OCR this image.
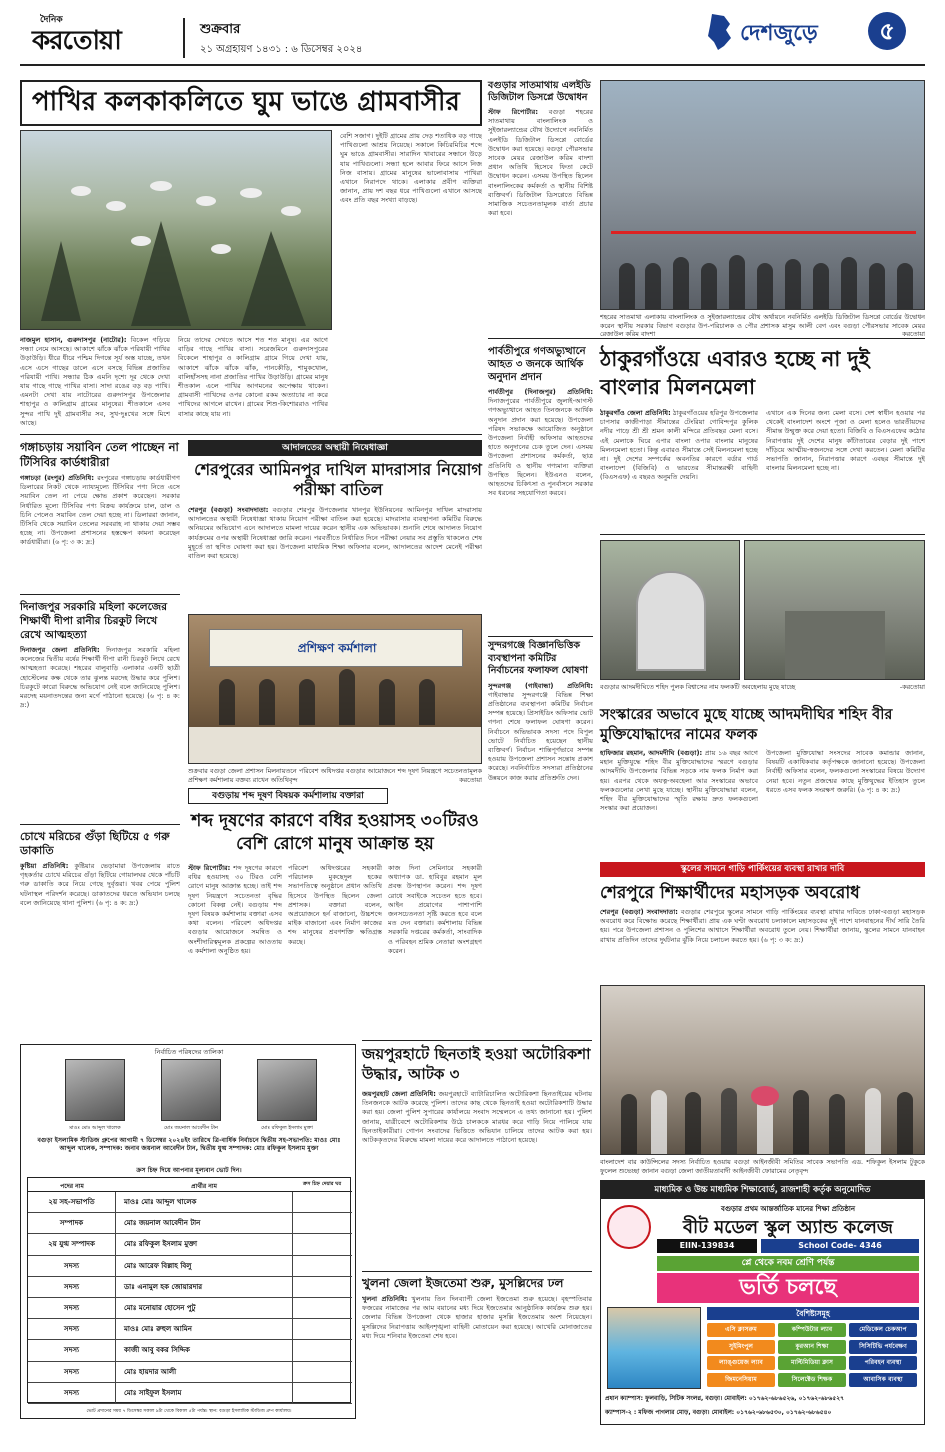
দৈনিক
করতোয়া	শুক্রবার
২১ অগ্রহায়ণ ১৪৩১ : ৬ ডিসেম্বর ২০২৪
দেশজুড়ে	৫
পাখির কলকাকলিতে ঘুম ভাঙে গ্রামবাসীর
বেশি সজাগ। দুইটি গ্রামের প্রায় দেড় শতাধিক বড় গাছে পাখিগুলো আশ্রয় নিয়েছে। সকালে কিচিরমিচির শব্দে ঘুম ভাঙে গ্রামবাসীর। সারাদিন খাবারের সন্ধানে উড়ে যায় পাখিগুলো। সন্ধ্যা হলে আবার ফিরে আসে নিজ নিজ বাসায়। গ্রামের মানুষের ভালোবাসায় পাখিরা এখানে নিরাপদে থাকে। এলাকার প্রবীণ ব্যক্তিরা জানান, প্রায় দশ বছর ধরে পাখিগুলো এখানে আসছে এবং প্রতি বছর সংখ্যা বাড়ছে।
নাজমুল হাসান, গুরুদাসপুর (নাটোর): বিকেল গড়িয়ে সন্ধ্যা নেমে আসছে। আকাশে ঝাঁকে ঝাঁকে পরিযায়ী পাখির উড়াউড়ি। ধীরে ধীরে পশ্চিম দিগন্তে সূর্য অস্ত যাচ্ছে, তখন এসে এসে গাছের ডালে এসে বসছে বিভিন্ন প্রজাতির পরিযায়ী পাখি। সন্ধ্যার ঠিক এমনি দৃশ্যে দূর থেকে দেখা যায় গাছে গাছে পাখির বাসা। সাদা রঙের বড় বড় পাখি। এমনটা দেখা যায় নাটোরের গুরুদাসপুর উপজেলার শাহাপুর ও কালিগ্রাম গ্রামের মানুষের। শীতকালে এসব সুন্দর পাখি দুই গ্রামবাসীর সব, সুখ-দুঃখের সঙ্গে মিশে আছে।
নিয়ে তাদের দেখতে আসে শত শত মানুষ। এর আগে বাড়ির গাছে পাখির বাসা। সরেজমিনে গুরুদাসপুরের বিকেলে শাহাপুর ও কালিগ্রাম গ্রামে গিয়ে দেখা যায়, আকাশে ঝাঁকে ঝাঁকে ঝাঁক, পানকৌড়ি, শামুকখোল, বালিহাঁসসহ নানা প্রজাতির পাখির উড়াউড়ি। গ্রামের মানুষ শীতকাল এলে পাখির আগমনের অপেক্ষায় থাকেন। গ্রামবাসী পাখিদের ওপর কোনো রকম অত্যাচার না করে পাখিদের আগলে রাখেন। গ্রামের শিশু-কিশোররাও পাখির বাসার কাছে যায় না।
বগুড়ার সাতমাথায় এলইডি ডিজিটাল ডিসপ্লে উদ্বোধন
স্টাফ রিপোর্টার: বগুড়া শহরের সাতমাথায় বাংলালিংক ও সুইজারল্যান্ডের যৌথ উদ্যোগে নবনির্মিত এলইডি ডিজিটাল ডিসপ্লে বোর্ডের উদ্বোধন করা হয়েছে। বগুড়া পৌরসভার সাবেক মেয়র রেজাউল করিম বাদশা প্রধান অতিথি হিসেবে ফিতা কেটে উদ্বোধন করেন। এসময় উপস্থিত ছিলেন বাংলালিংকের কর্মকর্তা ও স্থানীয় বিশিষ্ট ব্যক্তিবর্গ। ডিজিটাল ডিসপ্লেতে বিভিন্ন সামাজিক সচেতনতামূলক বার্তা প্রচার করা হবে।
শহরের সাতমাথা এলাকায় বাংলালিংক ও সুইজারল্যান্ডের যৌথ অর্থায়নে নবনির্মিত এলইডি ডিজিটাল ডিসপ্লে বোর্ডের উদ্বোধন করেন স্থানীয় সরকার বিভাগ বগুড়ার উপ-পরিচালক ও পৌর প্রশাসক মাসুম আলী বেগ এবং বগুড়া পৌরসভার সাবেক মেয়র রেজাউল করিম বাদশা	করতোয়া
ঠাকুরগাঁওয়ে এবারও হচ্ছে না দুই বাংলার মিলনমেলা
ঠাকুরগাঁও জেলা প্রতিনিধি: ঠাকুরগাঁওয়ের হরিপুর উপজেলার চাপসার কাজীপাড়া সীমান্তের টেংরিয়া গোবিন্দপুর কুলিক নদীর পাড়ে শ্রী শ্রী শ্রমন কালী মন্দিরে প্রতিবছর মেলা বসে। এই মেলাকে ঘিরে এপার বাংলা ওপার বাংলার মানুষের মিলনমেলা হতো। কিন্তু এবারও সীমান্তে সেই মিলনমেলা হচ্ছে না। দুই দেশের সম্পর্কের অবনতির কারণে বর্ডার গার্ড বাংলাদেশ (বিজিবি) ও ভারতের সীমান্তরক্ষী বাহিনী (বিএসএফ) এ বছরও অনুমতি দেয়নি।
এখানে এক দিনের জন্য মেলা বসে। দেশ স্বাধীন হওয়ার পর থেকেই বাংলাদেশ অংশে পূজা ও মেলা হলেও ভারতীয়দের সীমান্ত উন্মুক্ত করে দেয়া হতো। বিজিবি ও বিএসএফের কঠোর নিরাপত্তায় দুই দেশের মানুষ কাঁটাতারের বেড়ার দুই পাশে দাঁড়িয়ে আত্মীয়-স্বজনদের সঙ্গে দেখা করতেন। মেলা কমিটির সভাপতি জানান, নিরাপত্তার কারণে এবছর সীমান্তে দুই বাংলার মিলনমেলা হচ্ছে না।
পার্বতীপুরে গণঅভ্যুত্থানে আহত ৩ জনকে আর্থিক অনুদান প্রদান
পার্বতীপুর (দিনাজপুর) প্রতিনিধি: দিনাজপুরের পার্বতীপুরে জুলাই-আগস্ট গণঅভ্যুত্থানে আহত তিনজনকে আর্থিক অনুদান প্রদান করা হয়েছে। উপজেলা পরিষদ সভাকক্ষে আয়োজিত অনুষ্ঠানে উপজেলা নির্বাহী অফিসার আহতদের হাতে অনুদানের চেক তুলে দেন। এসময় উপজেলা প্রশাসনের কর্মকর্তা, ছাত্র প্রতিনিধি ও স্থানীয় গণ্যমান্য ব্যক্তিরা উপস্থিত ছিলেন। ইউএনও বলেন, আহতদের চিকিৎসা ও পুনর্বাসনে সরকার সব ধরনের সহযোগিতা করবে।
গঙ্গাচড়ায় সয়াবিন তেল পাচ্ছেন না টিসিবির কার্ডধারীরা
গঙ্গাচড়া (রংপুর) প্রতিনিধি: রংপুরের গঙ্গাচড়ায় কার্ডধারীগণ ডিলারের নিকট থেকে ন্যায্যমূল্যে টিসিবির পণ্য নিতে এসে সয়াবিন তেল না পেয়ে ক্ষোভ প্রকাশ করেছেন। সরকার নির্ধারিত মূল্যে টিসিবির পণ্য বিক্রয় কার্যক্রমে চাল, ডাল ও চিনি পেলেও সয়াবিন তেল দেয়া হচ্ছে না। ডিলাররা জানান, টিসিবি থেকে সয়াবিন তেলের সরবরাহ না থাকায় দেয়া সম্ভব হচ্ছে না। উপজেলা প্রশাসনের হস্তক্ষেপ কামনা করেছেন কার্ডধারীরা। (৬ পৃ: ৩ ক: দ্র:)
আদালতের অস্থায়ী নিষেধাজ্ঞা
শেরপুরের আমিনপুর দাখিল মাদরাসার নিয়োগ পরীক্ষা বাতিল
শেরপুর (বগুড়া) সংবাদদাতা: বগুড়ার শেরপুর উপজেলার খানপুর ইউনিয়নের আমিনপুর দাখিল মাদরাসায় আদালতের অস্থায়ী নিষেধাজ্ঞা থাকায় নিয়োগ পরীক্ষা বাতিল করা হয়েছে। মাদরাসার ব্যবস্থাপনা কমিটির বিরুদ্ধে অনিয়মের অভিযোগ এনে আদালতে মামলা দায়ের করেন স্থানীয় এক অভিভাবক। শুনানি শেষে আদালত নিয়োগ কার্যক্রমের ওপর অস্থায়ী নিষেধাজ্ঞা জারি করেন। পরবর্তীতে নির্ধারিত দিনে পরীক্ষা নেয়ার সব প্রস্তুতি থাকলেও শেষ মুহূর্তে তা স্থগিত ঘোষণা করা হয়। উপজেলা মাধ্যমিক শিক্ষা অফিসার বলেন, আদালতের আদেশ মেনেই পরীক্ষা বাতিল করা হয়েছে।
প্রশিক্ষণ কর্মশালা
শুক্রবার বগুড়া জেলা প্রশাসন মিলনায়তনে পরিবেশ অধিদপ্তর বগুড়ার আয়োজনে শব্দ দূষণ নিয়ন্ত্রণে সচেতনতামূলক প্রশিক্ষণ কর্মশালায় বক্তব্য রাখেন অতিথিবৃন্দ	করতোয়া
দিনাজপুর সরকারি মহিলা কলেজের শিক্ষার্থী দীপা রানীর চিরকুট লিখে রেখে আত্মহত্যা
দিনাজপুর জেলা প্রতিনিধি: দিনাজপুর সরকারি মহিলা কলেজের দ্বিতীয় বর্ষের শিক্ষার্থী দীপা রানী চিরকুট লিখে রেখে আত্মহত্যা করেছে। শহরের বালুবাড়ি এলাকার একটি ছাত্রী হোস্টেলের কক্ষ থেকে তার ঝুলন্ত মরদেহ উদ্ধার করে পুলিশ। চিরকুটে কারো বিরুদ্ধে অভিযোগ নেই বলে জানিয়েছে পুলিশ। মরদেহ ময়নাতদন্তের জন্য মর্গে পাঠানো হয়েছে। (৬ পৃ: ৪ ক: দ্র:)
বগুড়ায় শব্দ দূষণ বিষয়ক কর্মশালায় বক্তারা
শব্দ দূষণের কারণে বধির হওয়াসহ ৩০টিরও বেশি রোগে মানুষ আক্রান্ত হয়
স্টাফ রিপোর্টার: শব্দ দূষণের কারণে বধির হওয়াসহ ৩০ টিরও বেশি রোগে মানুষ আক্রান্ত হচ্ছে। তাই শব্দ দূষণ নিয়ন্ত্রণে সচেতনতা বৃদ্ধির কোনো বিকল্প নেই। বগুড়ায় শব্দ দূষণ বিষয়ক কর্মশালায় বক্তারা এসব কথা বলেন। পরিবেশ অধিদপ্তর বগুড়ার আয়োজনে সমন্বিত ও অংশীদারিত্বমূলক প্রকল্পের আওতায় এ কর্মশালা অনুষ্ঠিত হয়।
পরিবেশ অধিদপ্তরের সহকারী পরিচালক মুকছেদুল হকের সভাপতিত্বে অনুষ্ঠানে প্রধান অতিথি হিসেবে উপস্থিত ছিলেন জেলা প্রশাসক। বক্তারা বলেন, অপ্রয়োজনে হর্ন বাজানো, উচ্চশব্দে মাইক বাজানো এবং নির্মাণ কাজের শব্দ মানুষের শ্রবণশক্তি ক্ষতিগ্রস্ত করছে।
কাজ দিনা সেমিনারে সহকারী অধ্যাপক ডা. হাবিবুর রহমান মূল প্রবন্ধ উপস্থাপন করেন। শব্দ দূষণ রোধে সবাইকে সচেতন হতে হবে। আইন প্রয়োগের পাশাপাশি জনসচেতনতা সৃষ্টি করতে হবে বলে মত দেন বক্তারা। কর্মশালায় বিভিন্ন সরকারি দপ্তরের কর্মকর্তা, সাংবাদিক ও পরিবহন শ্রমিক নেতারা অংশগ্রহণ করেন।
চোখে মরিচের গুঁড়া ছিটিয়ে ৫ গরু ডাকাতি
কুষ্টিয়া প্রতিনিধি: কুষ্টিয়ার ভেড়ামারা উপজেলায় রাতে গৃহকর্তার চোখে মরিচের গুঁড়া ছিটিয়ে গোয়ালঘর থেকে পাঁচটি গরু ডাকাতি করে নিয়ে গেছে দুর্বৃত্তরা। খবর পেয়ে পুলিশ ঘটনাস্থল পরিদর্শন করেছে। ডাকাতদের ধরতে অভিযান চলছে বলে জানিয়েছে থানা পুলিশ। (৬ পৃ: ৪ ক: দ্র:)
নির্বাচিত পরিষদের তালিকা
মাওঃ মোঃ আব্দুল খালেক	মোঃ জয়নাল আবেদীন টান	মোঃ রফিকুল ইসলাম মুক্তা
বগুড়া ইসলামিক স্টাডিজ গ্রুপের আগামী ৭ ডিসেম্বর ২০২৪ইং তারিখে ত্রি-বার্ষিক নির্বাচনে দ্বিতীয় সহ-সভাপতি: মাওঃ মোঃ আব্দুল খালেক, সম্পাদক: জনাব জয়নাল আবেদীন টান, দ্বিতীয় যুগ্ম সম্পাদক: মোঃ রফিকুল ইসলাম মুক্তা
ক্রস চিহ্ন দিয়ে আপনার মূল্যবান ভোট দিন।
পদের নাম	প্রার্থীর নাম	ক্রস চিহ্ন দেয়ার ঘর
২য় সহ-সভাপতি	মাওঃ মোঃ আব্দুল খালেক
সম্পাদক	মোঃ জয়নাল আবেদীন টান
২য় যুগ্ম সম্পাদক	মোঃ রফিকুল ইসলাম মুক্তা
সদস্য	মোঃ আরেফ বিল্লাহ বিলু
সদস্য	ডাঃ এনামুল হক জোয়ারদার
সদস্য	মোঃ মনোয়ার হোসেন পুটু
সদস্য	মাওঃ মোঃ রুহুল আমিন
সদস্য	কাজী আবু বকর সিদ্দিক
সদস্য	মোঃ হায়দার আলী
সদস্য	মোঃ সাইফুল ইসলাম
ভোট প্রদানের সময় ৭ ডিসেম্বর সকাল ৯টা থেকে বিকাল ৫টা পর্যন্ত। স্থান: বগুড়া ইসলামিক স্টাডিজ গ্রুপ কার্যালয়।
সুন্দরগঞ্জে বিজ্ঞানভিত্তিক ব্যবস্থাপনা কমিটির নির্বাচনের ফলাফল ঘোষণা
সুন্দরগঞ্জ (গাইবান্ধা) প্রতিনিধি: গাইবান্ধার সুন্দরগঞ্জে বিভিন্ন শিক্ষা প্রতিষ্ঠানের ব্যবস্থাপনা কমিটির নির্বাচন সম্পন্ন হয়েছে। প্রিসাইডিং অফিসার ভোট গণনা শেষে ফলাফল ঘোষণা করেন। নির্বাচনে অভিভাবক সদস্য পদে বিপুল ভোটে নির্বাচিত হয়েছেন স্থানীয় ব্যক্তিবর্গ। নির্বাচন শান্তিপূর্ণভাবে সম্পন্ন হওয়ায় উপজেলা প্রশাসন সন্তোষ প্রকাশ করেছে। নবনির্বাচিত সদস্যরা প্রতিষ্ঠানের উন্নয়নে কাজ করার প্রতিশ্রুতি দেন।
বগুড়ার আদমদীঘিতে শহিদ পুলক বিশ্বাসের নাম ফলকটি অবহেলায় মুছে যাচ্ছে	-করতোয়া
সংস্কারের অভাবে মুছে যাচ্ছে আদমদীঘির শহিদ বীর মুক্তিযোদ্ধাদের নামের ফলক
হাফিজার রহমান, আদমদীঘি (বগুড়া): প্রায় ১৬ বছর আগে মহান মুক্তিযুদ্ধে শহিদ বীর মুক্তিযোদ্ধাদের স্মরণে বগুড়ার আদমদীঘি উপজেলার বিভিন্ন সড়কে নাম ফলক নির্মাণ করা হয়। এরপর থেকে অযত্ন-অবহেলা আর সংস্কারের অভাবে ফলকগুলোর লেখা মুছে যাচ্ছে। স্থানীয় মুক্তিযোদ্ধারা বলেন, শহিদ বীর মুক্তিযোদ্ধাদের স্মৃতি রক্ষায় দ্রুত ফলকগুলো সংস্কার করা প্রয়োজন।
উপজেলা মুক্তিযোদ্ধা সংসদের সাবেক কমান্ডার জানান, বিষয়টি একাধিকবার কর্তৃপক্ষকে জানানো হয়েছে। উপজেলা নির্বাহী অফিসার বলেন, ফলকগুলো সংস্কারের বিষয়ে উদ্যোগ নেয়া হবে। নতুন প্রজন্মের কাছে মুক্তিযুদ্ধের ইতিহাস তুলে ধরতে এসব ফলক সংরক্ষণ জরুরি। (৬ পৃ: ৪ ক: দ্র:)
স্কুলের সামনে গাড়ি পার্কিংয়ের ব্যবস্থা রাখার দাবি
শেরপুরে শিক্ষার্থীদের মহাসড়ক অবরোধ
শেরপুর (বগুড়া) সংবাদদাতা: বগুড়ার শেরপুরে স্কুলের সামনে গাড়ি পার্কিংয়ের ব্যবস্থা রাখার দাবিতে ঢাকা-বগুড়া মহাসড়ক অবরোধ করে বিক্ষোভ করেছে শিক্ষার্থীরা। প্রায় এক ঘণ্টা অবরোধ চলাকালে মহাসড়কের দুই পাশে যানবাহনের দীর্ঘ সারি তৈরি হয়। পরে উপজেলা প্রশাসন ও পুলিশের আশ্বাসে শিক্ষার্থীরা অবরোধ তুলে নেয়। শিক্ষার্থীরা জানায়, স্কুলের সামনে যানবাহন রাখায় প্রতিদিন তাদের দুর্ঘটনার ঝুঁকি নিয়ে চলাচল করতে হয়। (৬ পৃ: ৩ ক: দ্র:)
বাংলাদেশ বার কাউন্সিলের সদস্য নির্বাচিত হওয়ায় বগুড়া আইনজীবী সমিতির সাবেক সভাপতি এড. শফিকুল ইসলাম টুকুকে ফুলেল শুভেচ্ছা জানান বগুড়া জেলা জাতীয়তাবাদী আইনজীবী ফোরামের নেতৃবৃন্দ
জয়পুরহাটে ছিনতাই হওয়া অটোরিকশা উদ্ধার, আটক ৩
জয়পুরহাট জেলা প্রতিনিধি: জয়পুরহাটে ব্যাটারিচালিত অটোরিকশা ছিনতাইয়ের ঘটনায় তিনজনকে আটক করেছে পুলিশ। তাদের কাছ থেকে ছিনতাই হওয়া অটোরিকশাটি উদ্ধার করা হয়। জেলা পুলিশ সুপারের কার্যালয়ে সংবাদ সম্মেলনে এ তথ্য জানানো হয়। পুলিশ জানায়, যাত্রীবেশে অটোরিকশায় উঠে চালককে মারধর করে গাড়ি নিয়ে পালিয়ে যায় ছিনতাইকারীরা। গোপন সংবাদের ভিত্তিতে অভিযান চালিয়ে তাদের আটক করা হয়। আটককৃতদের বিরুদ্ধে মামলা দায়ের করে আদালতে পাঠানো হয়েছে।
খুলনা জেলা ইজতেমা শুরু, মুসল্লিদের ঢল
খুলনা প্রতিনিধি: খুলনায় তিন দিনব্যাপী জেলা ইজতেমা শুরু হয়েছে। বৃহস্পতিবার ফজরের নামাজের পর আম বয়ানের মধ্য দিয়ে ইজতেমার আনুষ্ঠানিক কার্যক্রম শুরু হয়। জেলার বিভিন্ন উপজেলা থেকে হাজার হাজার মুসল্লি ইজতেমায় অংশ নিয়েছেন। মুসল্লিদের নিরাপত্তায় আইনশৃঙ্খলা বাহিনী মোতায়েন করা হয়েছে। আখেরি মোনাজাতের মধ্য দিয়ে শনিবার ইজতেমা শেষ হবে।
মাধ্যমিক ও উচ্চ মাধ্যমিক শিক্ষাবোর্ড, রাজশাহী কর্তৃক অনুমোদিত
বগুড়ার প্রথম আন্তর্জাতিক মানের শিক্ষা প্রতিষ্ঠান
বীট মডেল স্কুল অ্যান্ড কলেজ
EIIN-139834	School Code- 4346
প্লে থেকে নবম শ্রেণি পর্যন্ত
ভর্তি চলছে
বৈশিষ্ট্যসমূহ
এসি ক্লাসরুম	কম্পিউটার ল্যাব	মেডিকেল চেকআপ
সুইমিংপুল	কুরআন শিক্ষা	সিসিটিভি পর্যবেক্ষণ
ল্যাঙ্গুয়েজ ল্যাব	মাল্টিমিডিয়া ক্লাস	পরিবহন ব্যবস্থা
জিমনেসিয়াম	সিলেক্টেড শিক্ষক	আবাসিক ব্যবস্থা
প্রধান ক্যাম্পাস: ফুলবাড়ি, সিটিক সংলগ্ন, বগুড়া। মোবাইল: ০১৭৬২-৬৮৬৫২৬, ০১৭৬২-৬৮৬৫২৭
ক্যাম্পাস-২ : মফিজ পাগলার মোড়, বগুড়া। মোবাইল: ০১৭৬২-৬৮৬৫৩০, ০১৭৬২-৬৮৬৫৪০
